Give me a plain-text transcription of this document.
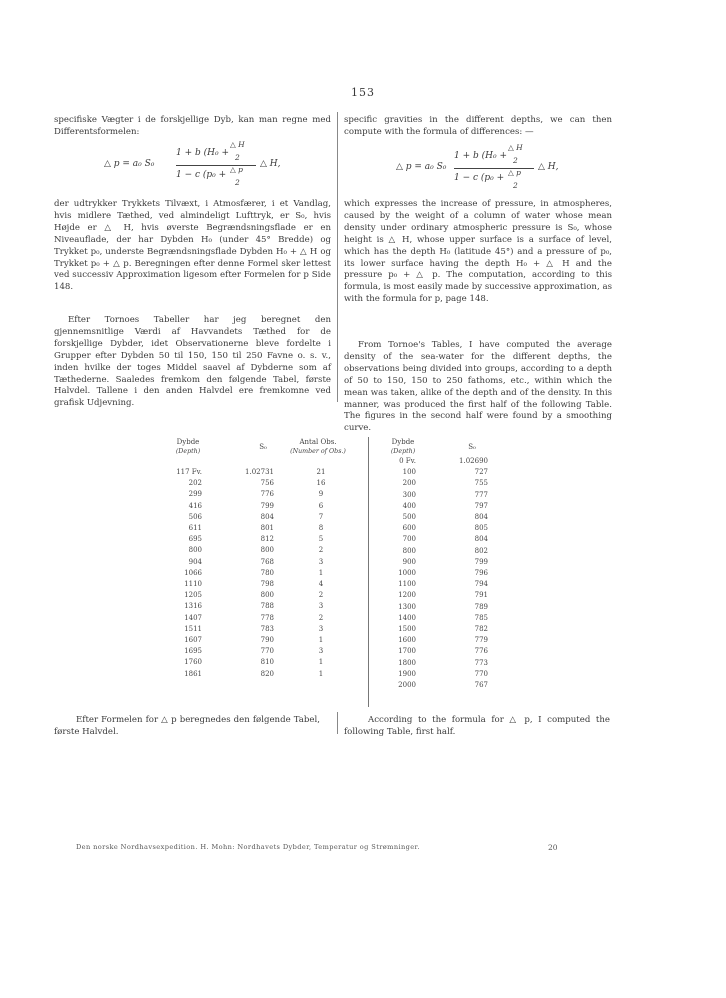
153

specifiske Vægter i de forskjellige Dyb, kan man regne med Differentsformelen:

△ p = a₀ S₀
1 + b (H₀ +
△ H
2
1 − c (p₀ +
△ p
2
△ H,

der udtrykker Trykkets Tilvæxt, i Atmosfærer, i et Vandlag, hvis midlere Tæthed, ved almindeligt Lufttryk, er S₀, hvis Højde er △ H, hvis øverste Begrændsningsflade er en Niveauflade, der har Dybden H₀ (under 45° Bredde) og Trykket p₀, underste Begrændsningsflade Dybden H₀ + △ H og Trykket p₀ + △ p. Beregningen efter denne Formel sker lettest ved successiv Approximation ligesom efter Formelen for p Side 148.

Efter Tornoes Tabeller har jeg beregnet den gjennemsnitlige Værdi af Havvandets Tæthed for de forskjellige Dybder, idet Observationerne bleve fordelte i Grupper efter Dybden 50 til 150, 150 til 250 Favne o. s. v., inden hvilke der toges Middel saavel af Dybderne som af Tæthederne. Saaledes fremkom den følgende Tabel, første Halvdel. Tallene i den anden Halvdel ere fremkomne ved grafisk Udjevning.

specific gravities in the different depths, we can then compute with the formula of differences: —

△ p = a₀ S₀
1 + b (H₀ +
△ H
2
1 − c (p₀ +
△ p
2
△ H,

which expresses the increase of pressure, in atmospheres, caused by the weight of a column of water whose mean density under ordinary atmospheric pressure is S₀, whose height is △ H, whose upper surface is a surface of level, which has the depth H₀ (latitude 45°) and a pressure of p₀, its lower surface having the depth H₀ + △ H and the pressure p₀ + △ p. The computation, according to this formula, is most easily made by successive approximation, as with the formula for p, page 148.

From Tornoe's Tables, I have computed the average density of the sea-water for the different depths, the observations being divided into groups, according to a depth of 50 to 150, 150 to 250 fathoms, etc., within which the mean was taken, alike of the depth and of the density. In this manner, was produced the first half of the following Table. The figures in the second half were found by a smoothing curve.

Dybde
(Depth)
S₀
Antal Obs.
(Number of Obs.)
Dybde
(Depth)
S₀
117 Fv.
202
299
416
506
611
695
800
904
1066
1110
1205
1316
1407
1511
1607
1695
1760
1861
1.02731
756
776
799
804
801
812
800
768
780
798
800
788
778
783
790
770
810
820
21
16
9
6
7
8
5
2
3
1
4
2
3
2
3
1
3
1
1
0 Fv.
100
200
300
400
500
600
700
800
900
1000
1100
1200
1300
1400
1500
1600
1700
1800
1900
2000
1.02690
727
755
777
797
804
805
804
802
799
796
794
791
789
785
782
779
776
773
770
767
Efter Formelen for △ p beregnedes den følgende Tabel, første Halvdel.
According to the formula for △ p, I computed the following Table, first half.
Den norske Nordhavsexpedition. H. Mohn: Nordhavets Dybder, Temperatur og Strømninger.	20
